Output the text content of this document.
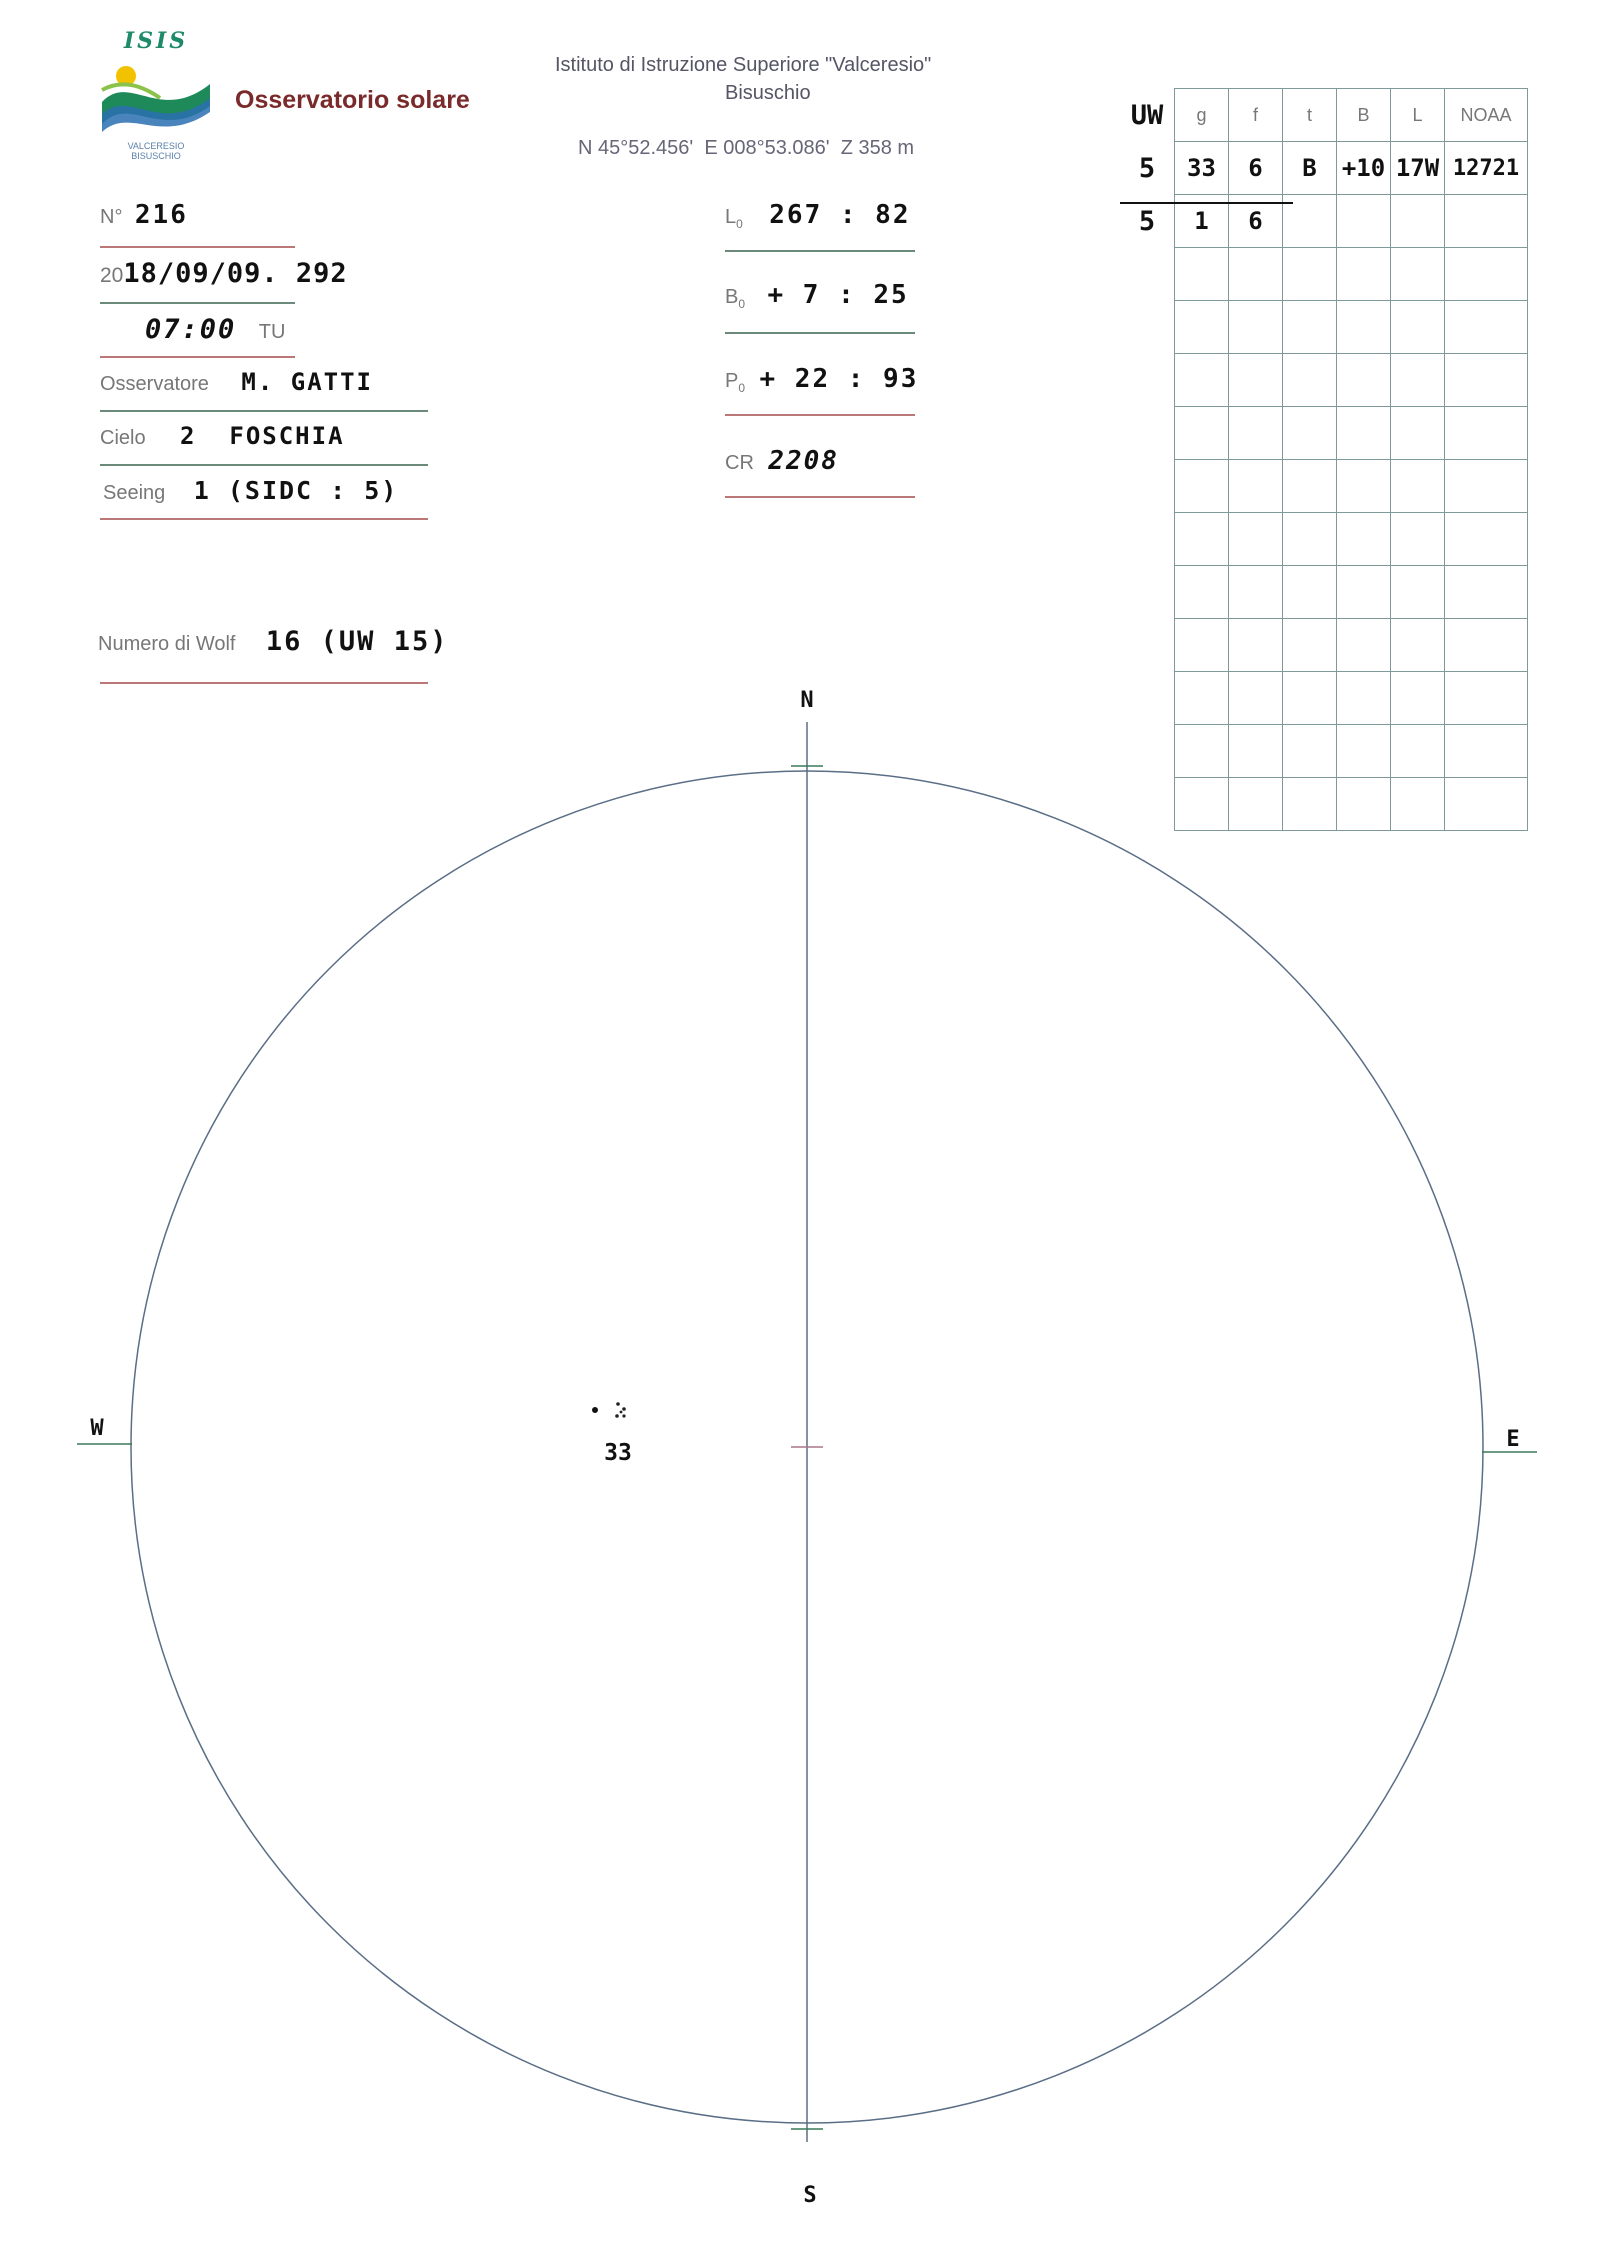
ISIS
VALCERESIO
BISUSCHIO
Osservatorio solare
Istituto di Istruzione Superiore "Valceresio"
Bisuschio
N 45°52.456'  E 008°53.086'  Z 358 m
N° 216
2018/09/09. 292
07:00 TU
Osservatore M. GATTI
Cielo 2  FOSCHIA
Seeing 1 (SIDC : 5)
Numero di Wolf 16 (UW 15)
$L_0$ 267 : 82
$B_0 + 7$ : 25
$P_0 + 22$ : 93
CR 2208
UW	g	f	t	B	L	NOAA
5	33	6	B	+10	17W	12721
5	1	6				

N
S
W	E
33
